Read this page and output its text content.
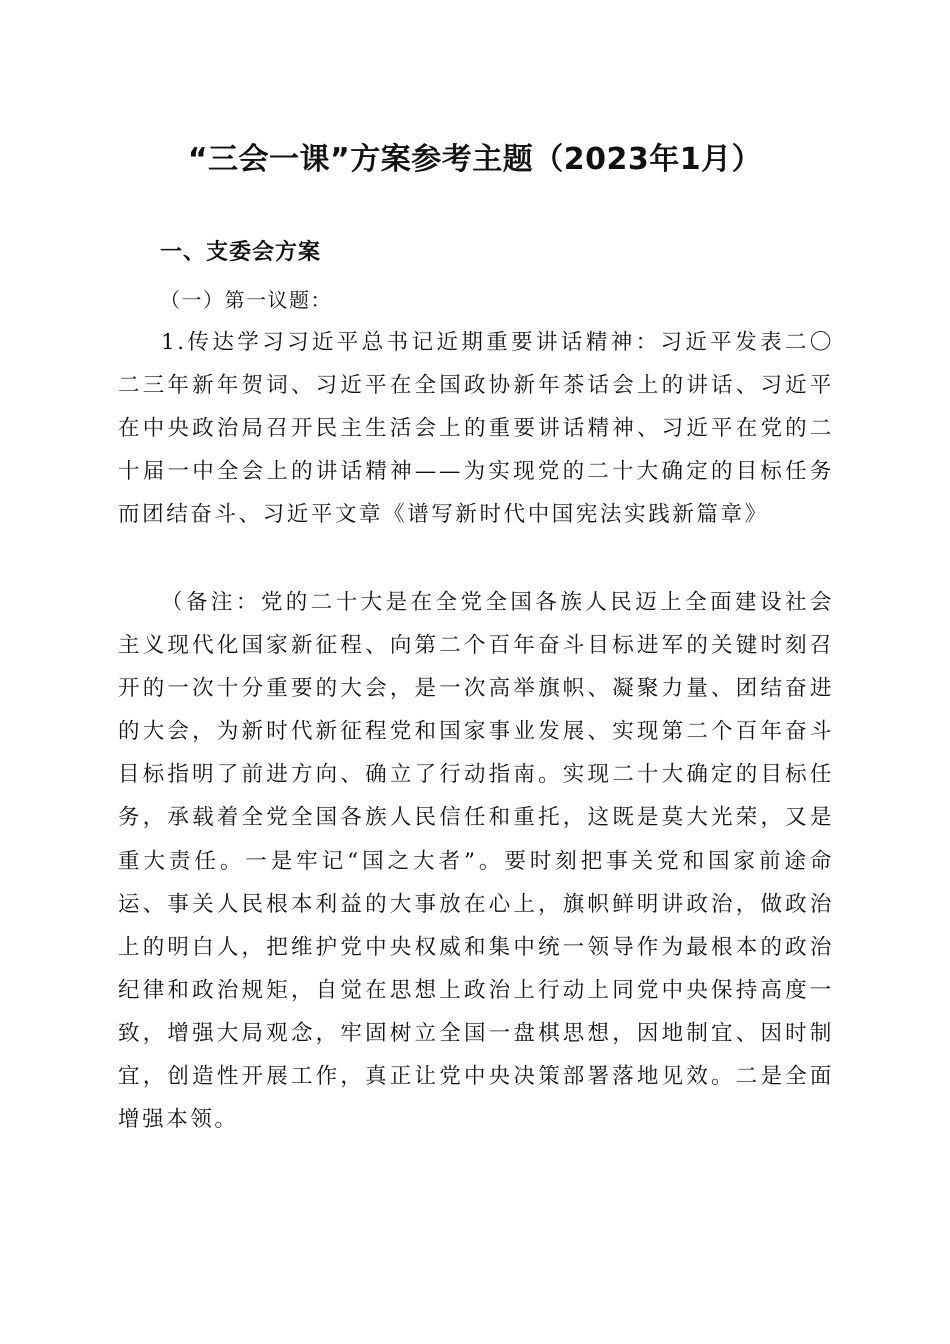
“三会一课”方案参考主题（2023年1月）
一、支委会方案
（一）第一议题：

1.传达学习习近平总书记近期重要讲话精神：习近平发表二〇二三年新年贺词、习近平在全国政协新年茶话会上的讲话、习近平在中央政治局召开民主生活会上的重要讲话精神、习近平在党的二十届一中全会上的讲话精神——为实现党的二十大确定的目标任务而团结奋斗、习近平文章《谱写新时代中国宪法实践新篇章》

（备注：党的二十大是在全党全国各族人民迈上全面建设社会主义现代化国家新征程、向第二个百年奋斗目标进军的关键时刻召开的一次十分重要的大会，是一次高举旗帜、凝聚力量、团结奋进的大会，为新时代新征程党和国家事业发展、实现第二个百年奋斗目标指明了前进方向、确立了行动指南。实现二十大确定的目标任务，承载着全党全国各族人民信任和重托，这既是莫大光荣，又是重大责任。一是牢记“国之大者”。要时刻把事关党和国家前途命运、事关人民根本利益的大事放在心上，旗帜鲜明讲政治，做政治上的明白人，把维护党中央权威和集中统一领导作为最根本的政治纪律和政治规矩，自觉在思想上政治上行动上同党中央保持高度一致，增强大局观念，牢固树立全国一盘棋思想，因地制宜、因时制宜，创造性开展工作，真正让党中央决策部署落地见效。二是全面增强本领。
